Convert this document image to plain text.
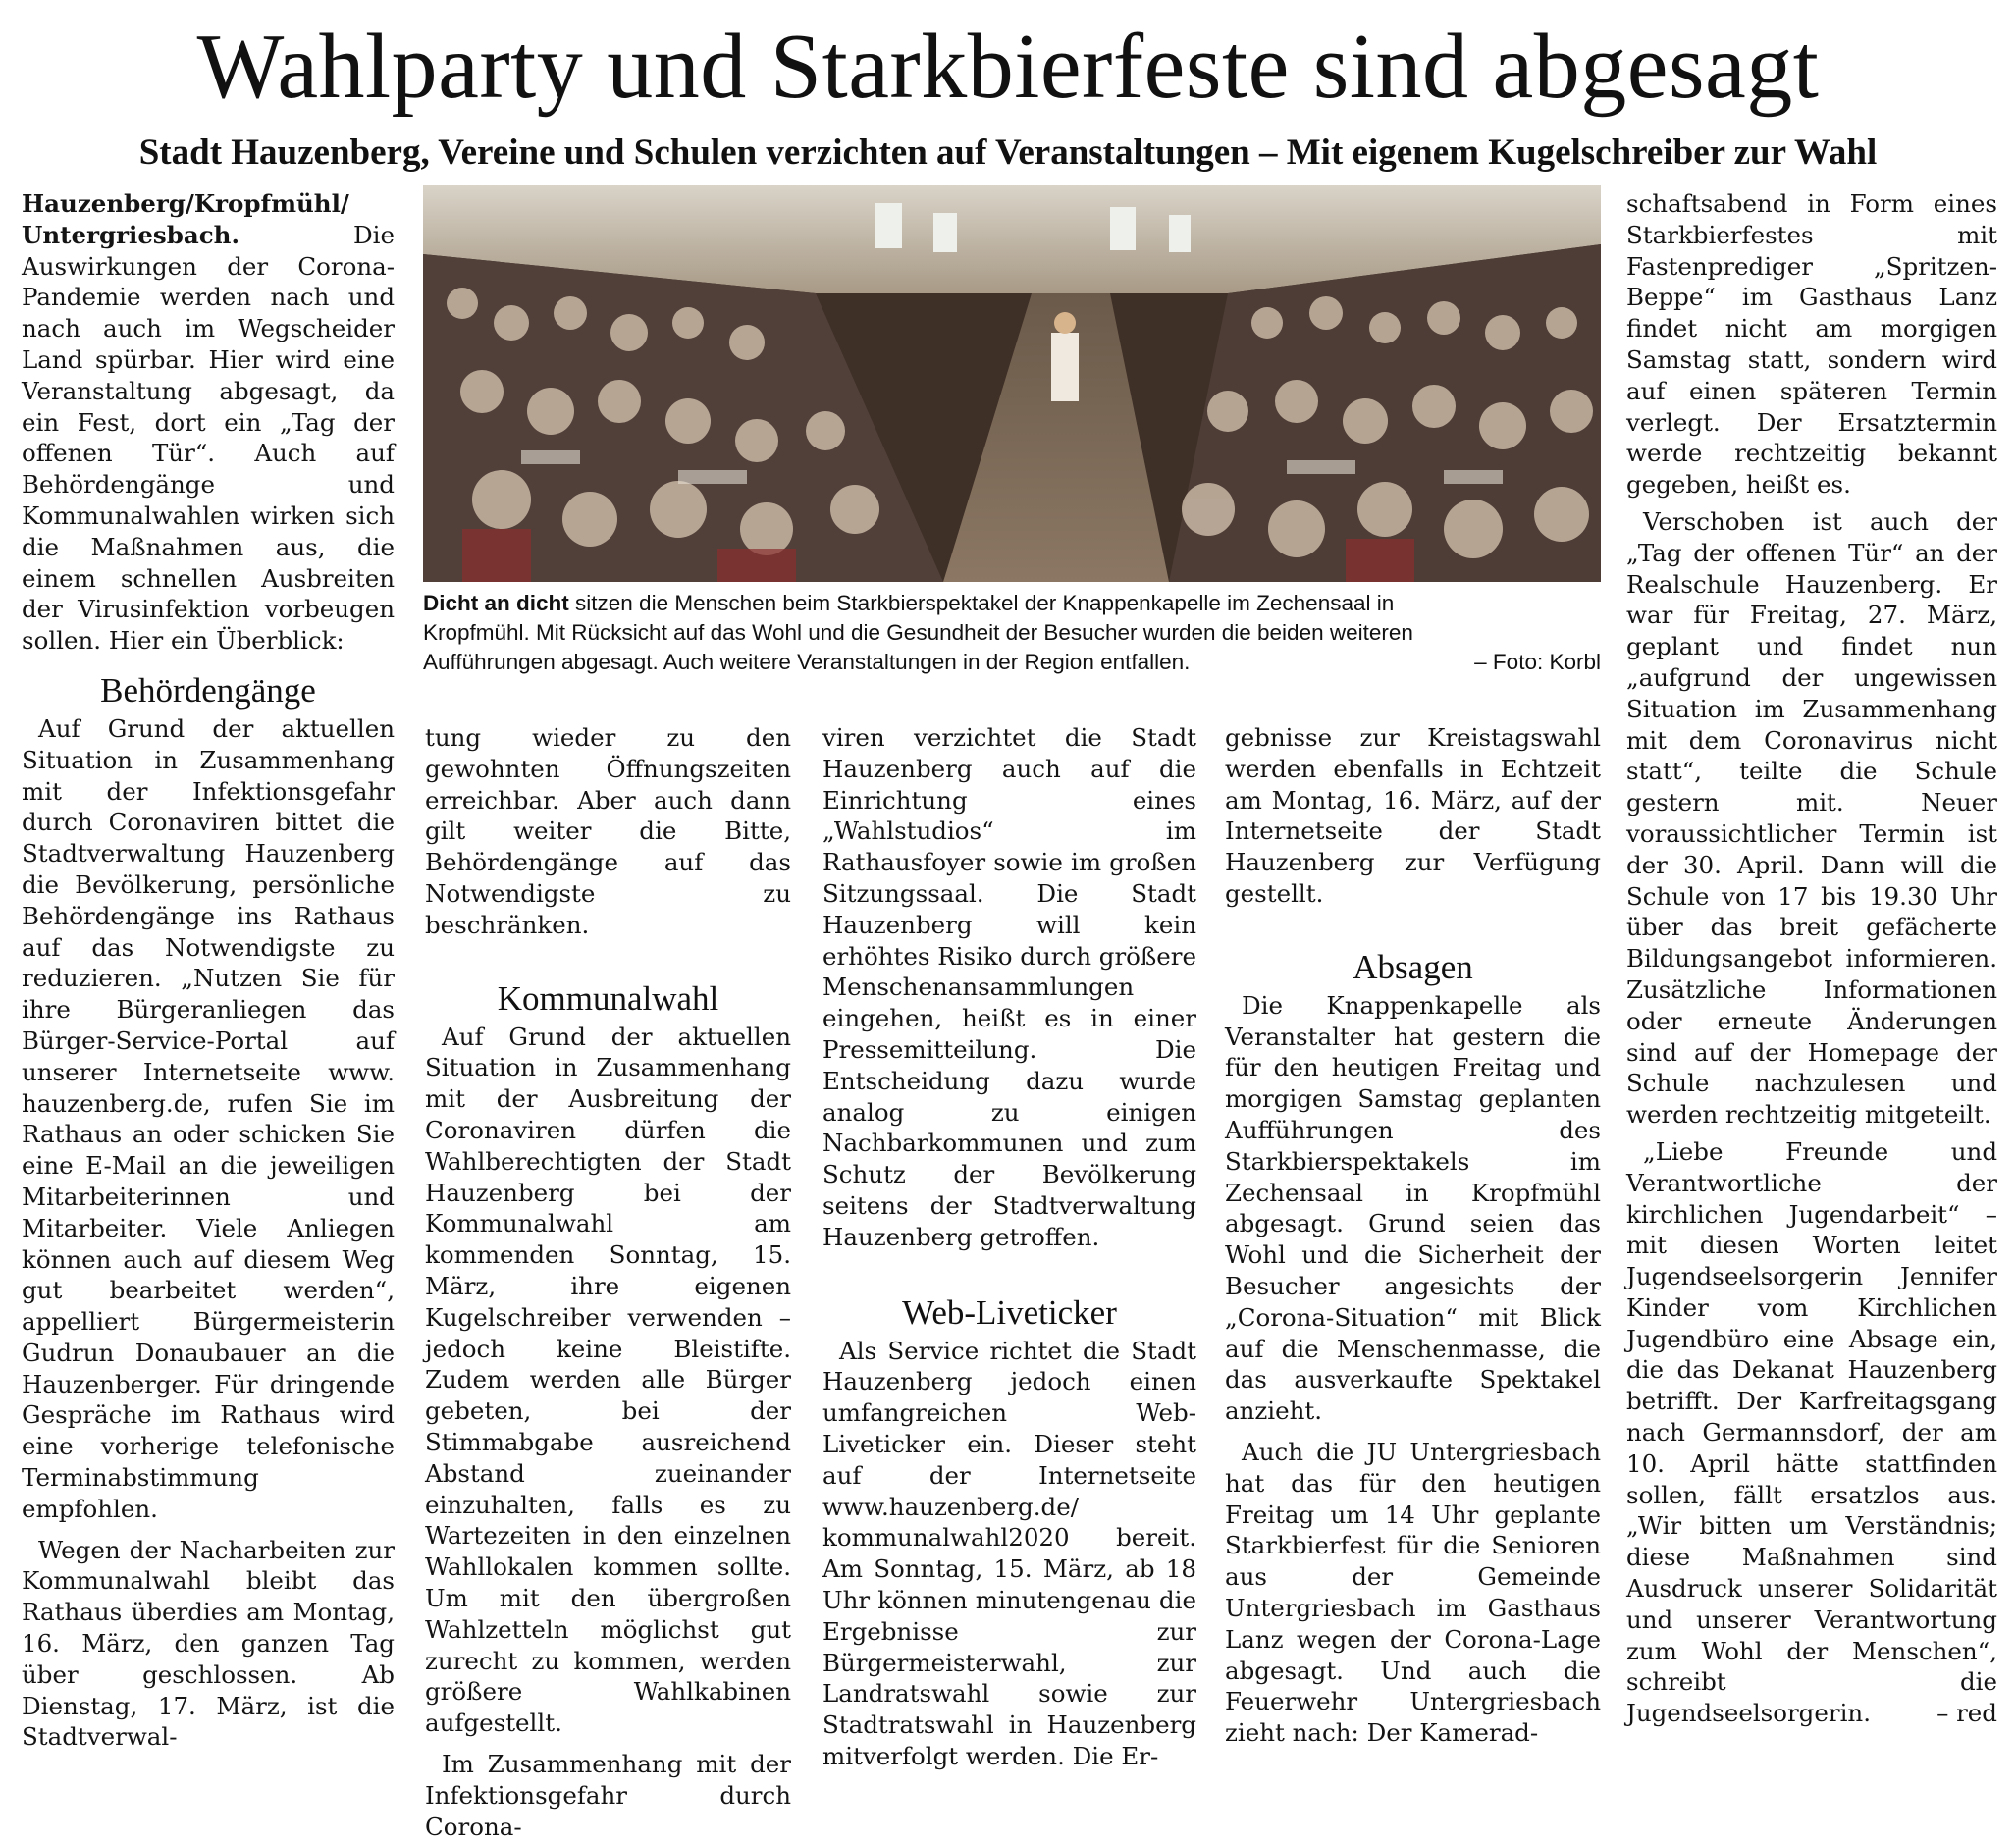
Wahlparty und Starkbierfeste sind abgesagt
Stadt Hauzenberg, Vereine und Schulen verzichten auf Veranstaltungen – Mit eigenem Kugelschreiber zur Wahl

Hauzenberg/Kropfmühl/ Untergriesbach.	Die Auswirkungen der Corona-Pandemie werden nach und nach auch im Wegscheider Land spürbar. Hier wird eine Veranstaltung abgesagt, da ein Fest, dort ein „Tag der offenen Tür“. Auch auf Behördengänge und Kommunalwahlen wirken sich die Maßnahmen aus, die einem schnellen Ausbreiten der Virusinfektion vorbeugen sollen. Hier ein Überblick:

Behördengänge

Auf Grund der aktuellen Situation in Zusammenhang mit der Infektionsgefahr durch Coronaviren bittet die Stadtverwaltung Hauzenberg die Bevölkerung, persönliche Behördengänge ins Rathaus auf das Notwendigste zu reduzieren. „Nutzen Sie für ihre Bürgeranliegen das Bürger-Service-Portal auf unserer Internetseite www. hauzenberg.de, rufen Sie im Rathaus an oder schicken Sie eine E-Mail an die jeweiligen Mitarbeiterinnen und Mitarbeiter. Viele Anliegen können auch auf diesem Weg gut bearbeitet werden“, appelliert Bürgermeisterin Gudrun Donaubauer an die Hauzenberger. Für dringende Gespräche im Rathaus wird eine vorherige telefonische Terminabstimmung empfohlen.

Wegen der Nacharbeiten zur Kommunalwahl bleibt das Rathaus überdies am Montag, 16. März, den ganzen Tag über geschlossen. Ab Dienstag, 17. März, ist die Stadtverwal-

Dicht an dicht sitzen die Menschen beim Starkbierspektakel der Knappenkapelle im Zechensaal in
Kropfmühl. Mit Rücksicht auf das Wohl und die Gesundheit der Besucher wurden die beiden weiteren
Aufführungen abgesagt. Auch weitere Veranstaltungen in der Region entfallen.	– Foto: Korbl

tung wieder zu den gewohnten Öffnungszeiten erreichbar. Aber auch dann gilt weiter die Bitte, Behördengänge auf das Notwendigste zu beschränken.

Kommunalwahl

Auf Grund der aktuellen Situation in Zusammenhang mit der Ausbreitung der Coronaviren dürfen die Wahlberechtigten der Stadt Hauzenberg bei der Kommunalwahl am kommenden Sonntag, 15. März, ihre eigenen Kugelschreiber verwenden – jedoch keine Bleistifte. Zudem werden alle Bürger gebeten, bei der Stimmabgabe ausreichend Abstand zueinander einzuhalten, falls es zu Wartezeiten in den einzelnen Wahllokalen kommen sollte. Um mit den übergroßen Wahlzetteln möglichst gut zurecht zu kommen, werden größere Wahlkabinen aufgestellt.

Im Zusammenhang mit der Infektionsgefahr durch Corona-

viren verzichtet die Stadt Hauzenberg auch auf die Einrichtung eines „Wahlstudios“ im Rathausfoyer sowie im großen Sitzungssaal. Die Stadt Hauzenberg will kein erhöhtes Risiko durch größere Menschenansammlungen eingehen, heißt es in einer Pressemitteilung. Die Entscheidung dazu wurde analog zu einigen Nachbarkommunen und zum Schutz der Bevölkerung seitens der Stadtverwaltung Hauzenberg getroffen.

Web-Liveticker

Als Service richtet die Stadt Hauzenberg jedoch einen umfangreichen Web-Liveticker ein. Dieser steht auf der Internetseite www.hauzenberg.de/ kommunalwahl2020 bereit. Am Sonntag, 15. März, ab 18 Uhr können minutengenau die Ergebnisse zur Bürgermeisterwahl, zur Landratswahl sowie zur Stadtratswahl in Hauzenberg mitverfolgt werden. Die Er-

gebnisse zur Kreistagswahl werden ebenfalls in Echtzeit am Montag, 16. März, auf der Internetseite der Stadt Hauzenberg zur Verfügung gestellt.

Absagen

Die Knappenkapelle als Veranstalter hat gestern die für den heutigen Freitag und morgigen Samstag geplanten Aufführungen des Starkbierspektakels im Zechensaal in Kropfmühl abgesagt. Grund seien das Wohl und die Sicherheit der Besucher angesichts der „Corona-Situation“ mit Blick auf die Menschenmasse, die das ausverkaufte Spektakel anzieht.

Auch die JU Untergriesbach hat das für den heutigen Freitag um 14 Uhr geplante Starkbierfest für die Senioren aus der Gemeinde Untergriesbach im Gasthaus Lanz wegen der Corona-Lage abgesagt. Und auch die Feuerwehr Untergriesbach zieht nach: Der Kamerad-

schaftsabend in Form eines Starkbierfestes mit Fastenprediger „Spritzen-Beppe“ im Gasthaus Lanz findet nicht am morgigen Samstag statt, sondern wird auf einen späteren Termin verlegt. Der Ersatztermin werde rechtzeitig bekannt gegeben, heißt es.

Verschoben ist auch der „Tag der offenen Tür“ an der Realschule Hauzenberg. Er war für Freitag, 27. März, geplant und findet nun „aufgrund der ungewissen Situation im Zusammenhang mit dem Coronavirus nicht statt“, teilte die Schule gestern mit. Neuer voraussichtlicher Termin ist der 30. April. Dann will die Schule von 17 bis 19.30 Uhr über das breit gefächerte Bildungsangebot informieren. Zusätzliche Informationen oder erneute Änderungen sind auf der Homepage der Schule nachzulesen und werden rechtzeitig mitgeteilt.

„Liebe Freunde und Verantwortliche der kirchlichen Jugendarbeit“ – mit diesen Worten leitet Jugendseelsorgerin Jennifer Kinder vom Kirchlichen Jugendbüro eine Absage ein, die das Dekanat Hauzenberg betrifft. Der Karfreitagsgang nach Germannsdorf, der am 10. April hätte stattfinden sollen, fällt ersatzlos aus. „Wir bitten um Verständnis; diese Maßnahmen sind Ausdruck unserer Solidarität und unserer Verantwortung zum Wohl der Menschen“, schreibt die Jugendseelsorgerin.	– red
